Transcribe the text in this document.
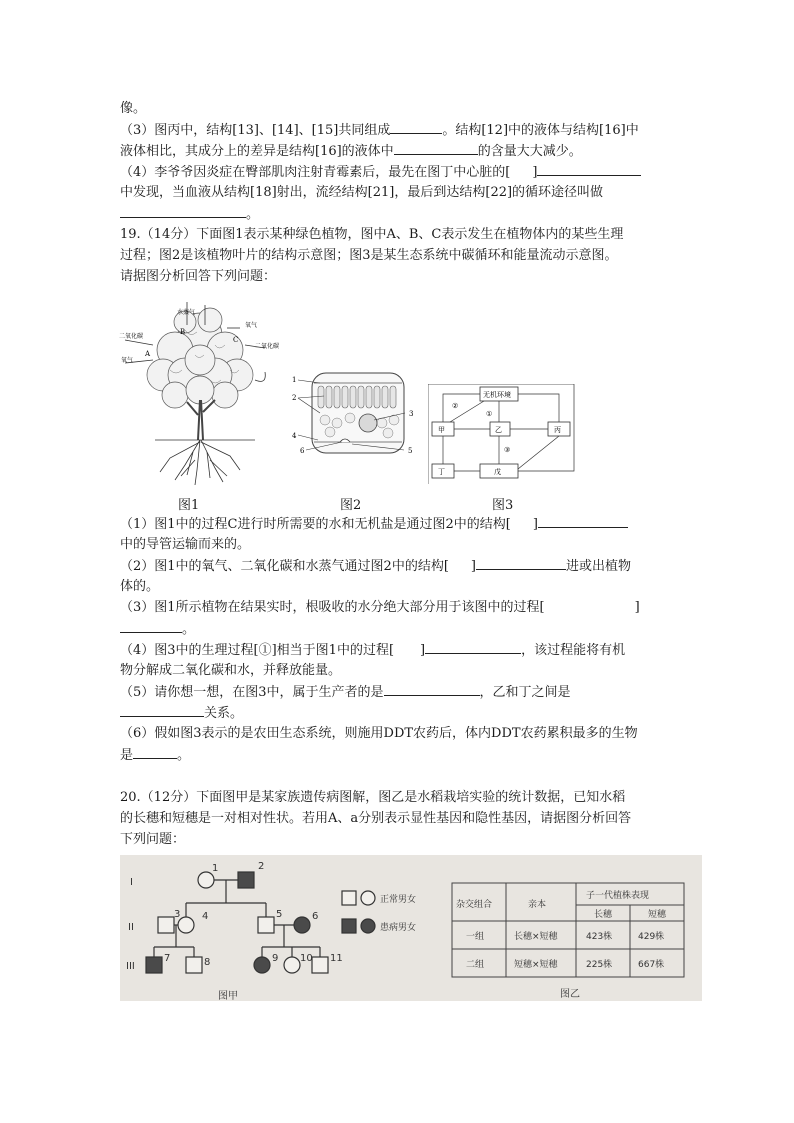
像。
（3）图丙中，结构[13]、[14]、[15]共同组成	。结构[12]中的液体与结构[16]中
液体相比，其成分上的差异是结构[16]的液体中	的含量大大减少。
（4）李爷爷因炎症在臀部肌肉注射青霉素后，最先在图丁中心脏的[ ]
中发现，当血液从结构[18]射出，流经结构[21]，最后到达结构[22]的循环途径叫做
。
19.（14分）下面图1表示某种绿色植物，图中A、B、C表示发生在植物体内的某些生理
过程；图2是该植物叶片的结构示意图；图3是某生态系统中碳循环和能量流动示意图。
请据图分析回答下列问题：
二氧化碳
氧气
A
B
水蒸气
氧气
C
二氧化碳
1
2
3
4
5
6
无机环境
甲	乙	丙
丁	戊
②
①
③
图1	图2	图3
（1）图1中的过程C进行时所需要的水和无机盐是通过图2中的结构[ ]
中的导管运输而来的。
（2）图1中的氧气、二氧化碳和水蒸气通过图2中的结构[ ]	进或出植物
体的。
（3）图1所示植物在结果实时，根吸收的水分绝大部分用于该图中的过程[	]
。
（4）图3中的生理过程[①]相当于图1中的过程[ ]	，该过程能将有机
物分解成二氧化碳和水，并释放能量。
（5）请你想一想，在图3中，属于生产者的是	，乙和丁之间是
关系。
（6）假如图3表示的是农田生态系统，则施用DDT农药后，体内DDT农药累积最多的生物
是	。
20.（12分）下面图甲是某家族遗传病图解，图乙是水稻栽培实验的统计数据，已知水稻
的长穗和短穗是一对相对性状。若用A、a分别表示显性基因和隐性基因，请据图分析回答
下列问题：
I
II
III
1	2
3 4	5	6
7	8	9 10 11
正常男女
患病男女
图甲
杂交组合	亲本
子一代植株表现
长穗	短穗
一组	长穗×短穗	423株	429株
二组	短穗×短穗	225株	667株
图乙
